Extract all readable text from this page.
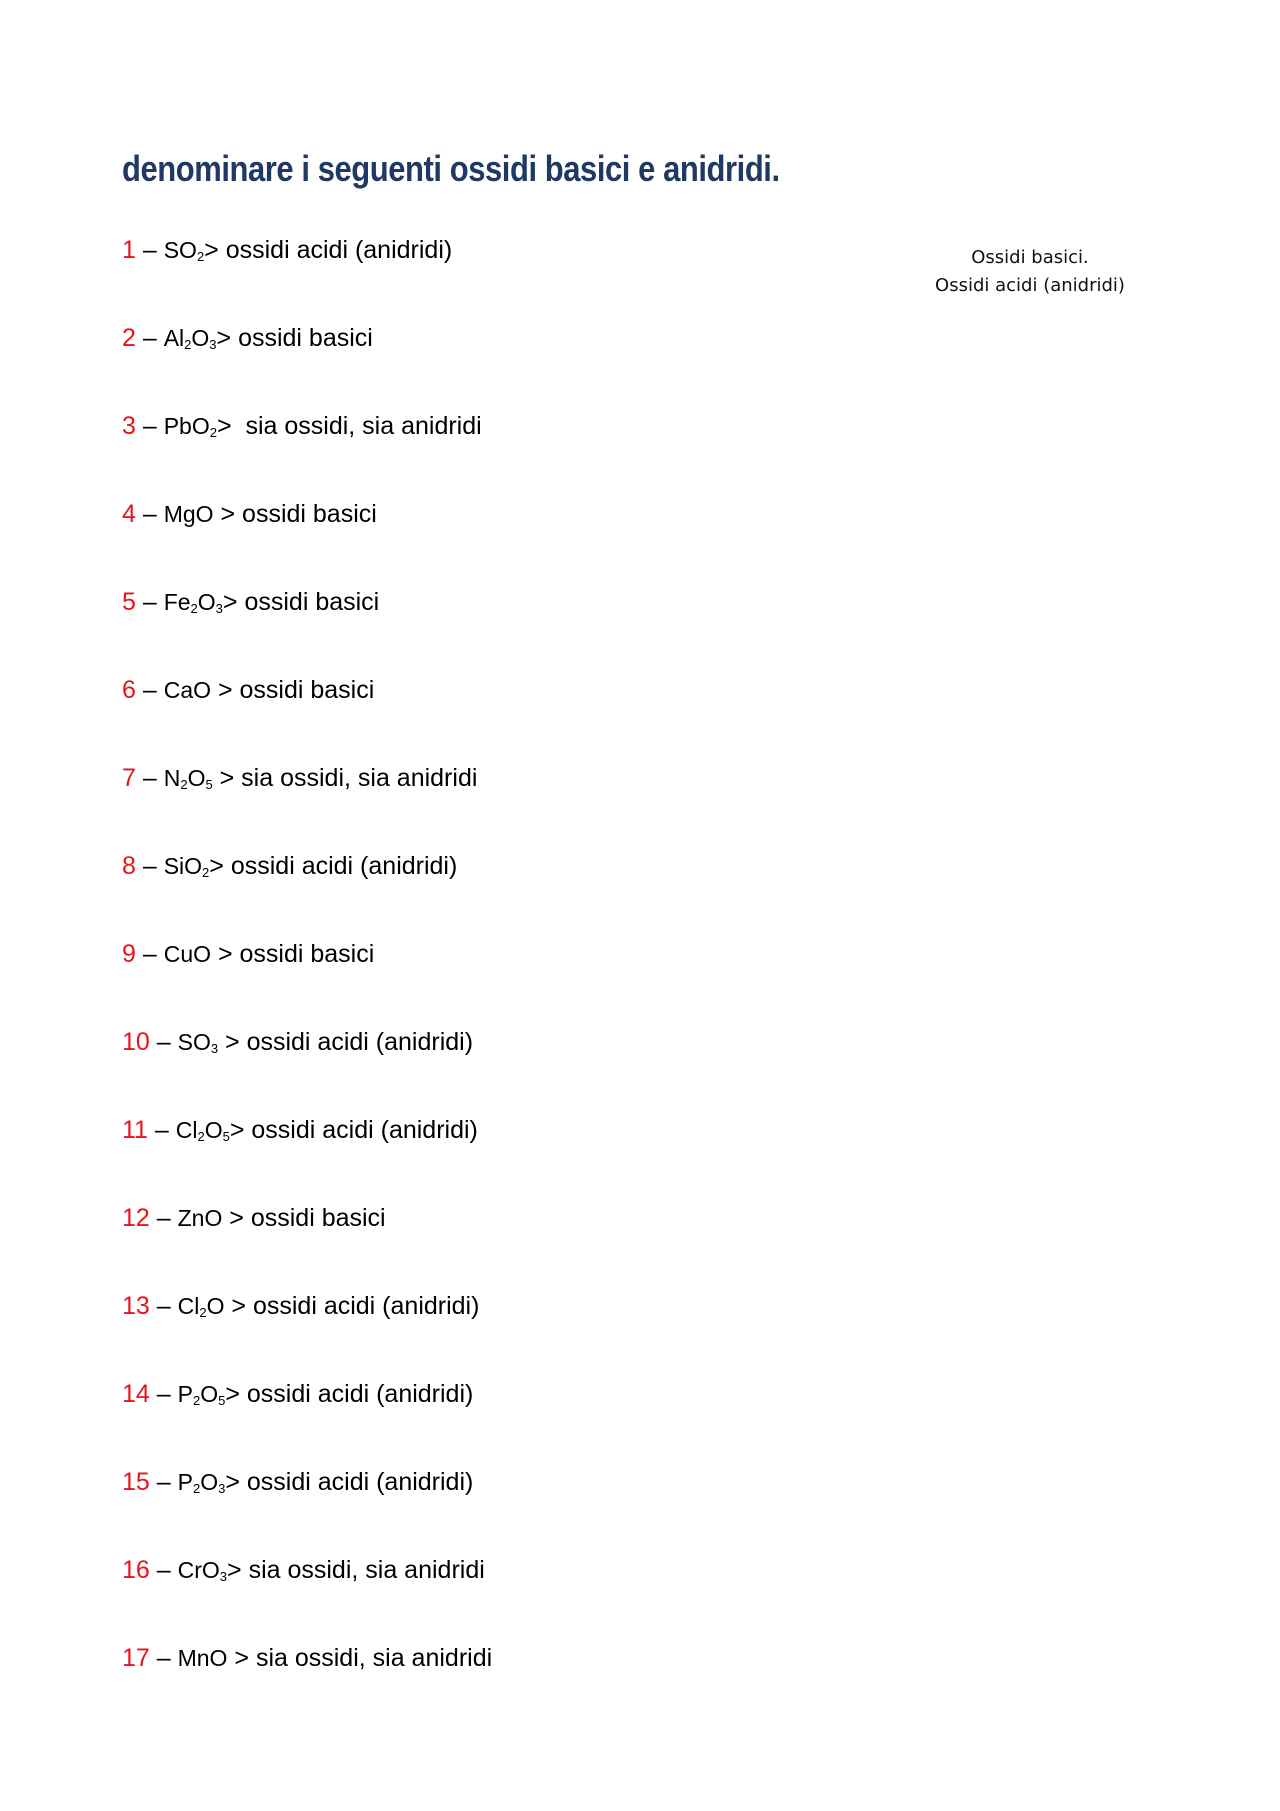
denominare i seguenti ossidi basici e anidridi.
Ossidi basici.
Ossidi acidi (anidridi)
$1 - SO_2>$ ossidi acidi (anidridi)
$2 - Al_2O_3>$ ossidi basici
3 – PbO$_2$>  sia ossidi, sia anidridi
4 – MgO > ossidi basici
$5 - Fe_2O_3>$ ossidi basici
6 – CaO > ossidi basici
$7 - N_2O_5$ > sia ossidi, sia anidridi
8 – SiO$_2$> ossidi acidi (anidridi)
9 – CuO > ossidi basici
$10 - SO_3$ > ossidi acidi (anidridi)
$11 - Cl_2O_5>$ ossidi acidi (anidridi)
12 – ZnO > ossidi basici
$13 - Cl_2O$ > ossidi acidi (anidridi)
$14 - P_2O_5>$ ossidi acidi (anidridi)
$15 - P_2O_3>$ ossidi acidi (anidridi)
16 – CrO$_3$> sia ossidi, sia anidridi
17 – MnO > sia ossidi, sia anidridi
